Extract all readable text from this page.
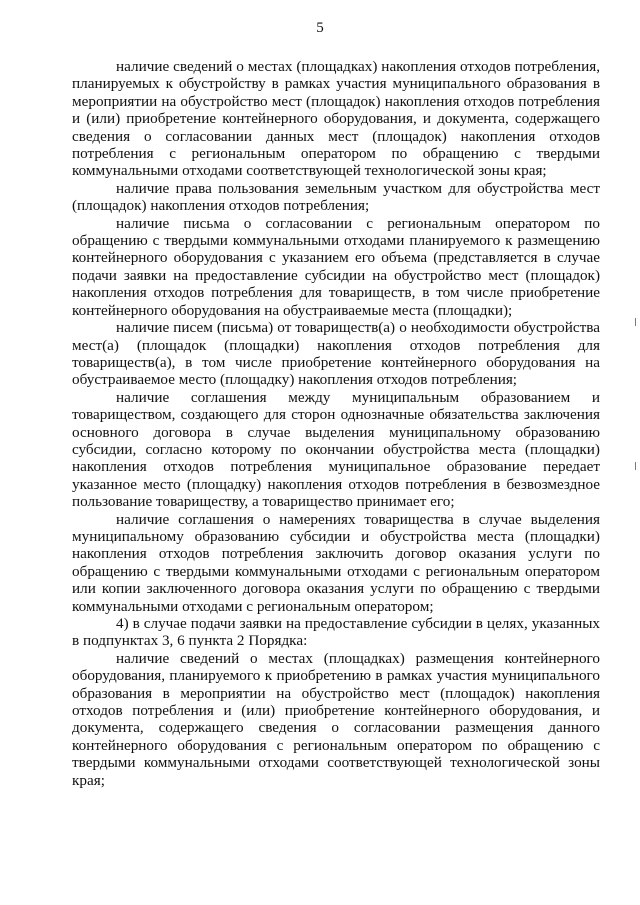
5

наличие сведений о местах (площадках) накопления отходов потребления, планируемых к обустройству в рамках участия муниципального образования в мероприятии на обустройство мест (площадок) накопления отходов потребления и (или) приобретение контейнерного оборудования, и документа, содержащего сведения о согласовании данных мест (площадок) накопления отходов потребления с региональным оператором по обращению с твердыми коммунальными отходами соответствующей технологической зоны края;

наличие права пользования земельным участком для обустройства мест (площадок) накопления отходов потребления;

наличие письма о согласовании с региональным оператором по обращению с твердыми коммунальными отходами планируемого к размещению контейнерного оборудования с указанием его объема (представляется в случае подачи заявки на предоставление субсидии на обустройство мест (площадок) накопления отходов потребления для товариществ, в том числе приобретение контейнерного оборудования на обустраиваемые места (площадки);

наличие писем (письма) от товариществ(а) о необходимости обустройства мест(а) (площадок (площадки) накопления отходов потребления для товариществ(а), в том числе приобретение контейнерного оборудования на обустраиваемое место (площадку) накопления отходов потребления;

наличие соглашения между муниципальным образованием и товариществом, создающего для сторон однозначные обязательства заключения основного договора в случае выделения муниципальному образованию субсидии, согласно которому по окончании обустройства места (площадки) накопления отходов потребления муниципальное образование передает указанное место (площадку) накопления отходов потребления в безвозмездное пользование товариществу, а товарищество принимает его;

наличие соглашения о намерениях товарищества в случае выделения муниципальному образованию субсидии и обустройства места (площадки) накопления отходов потребления заключить договор оказания услуги по обращению с твердыми коммунальными отходами с региональным оператором или копии заключенного договора оказания услуги по обращению с твердыми коммунальными отходами с региональным оператором;

4) в случае подачи заявки на предоставление субсидии в целях, указанных в подпунктах 3, 6 пункта 2 Порядка:

наличие сведений о местах (площадках) размещения контейнерного оборудования, планируемого к приобретению в рамках участия муниципального образования в мероприятии на обустройство мест (площадок) накопления отходов потребления и (или) приобретение контейнерного оборудования, и документа, содержащего сведения о согласовании размещения данного контейнерного оборудования с региональным оператором по обращению с твердыми коммунальными отходами соответствующей технологической зоны края;
